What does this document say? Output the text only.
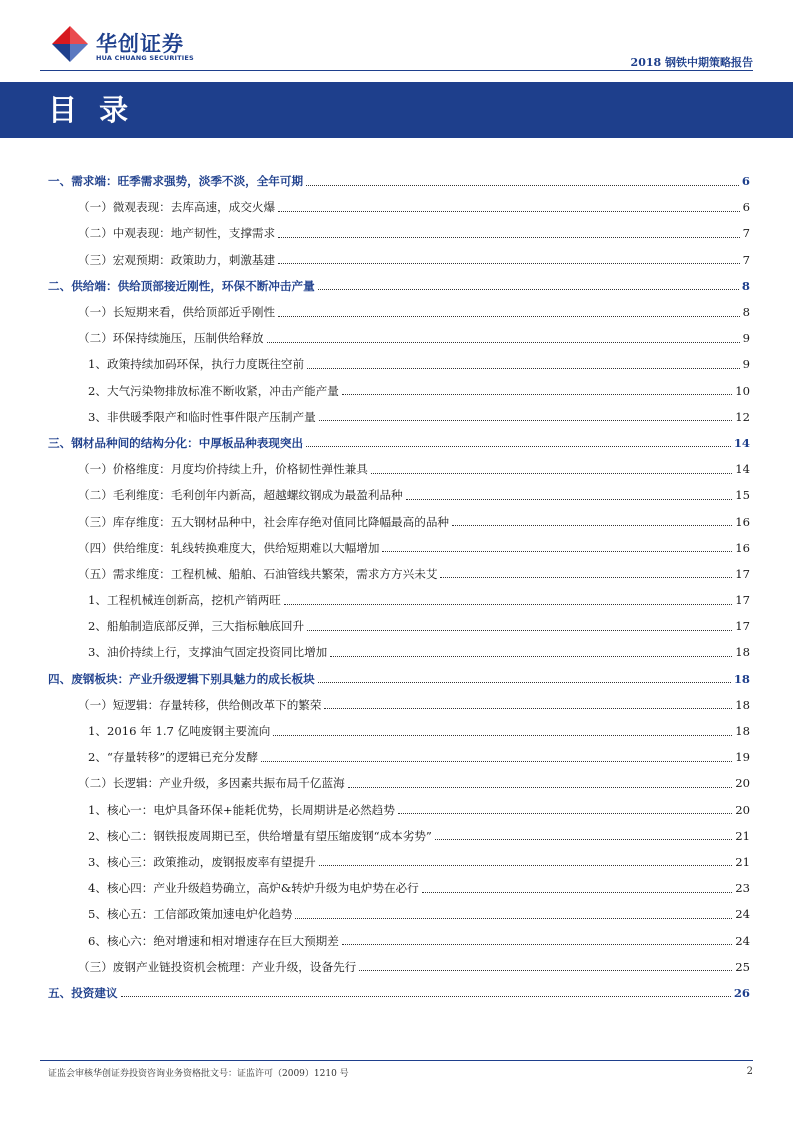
华创证券
HUA CHUANG SECURITIES	2018 钢铁中期策略报告
目 录
一、需求端：旺季需求强势，淡季不淡，全年可期	6
（一）微观表现：去库高速，成交火爆	6
（二）中观表现：地产韧性，支撑需求	7
（三）宏观预期：政策助力，刺激基建	7
二、供给端：供给顶部接近刚性，环保不断冲击产量	8
（一）长短期来看，供给顶部近乎刚性	8
（二）环保持续施压，压制供给释放	9
1、政策持续加码环保，执行力度既往空前	9
2、大气污染物排放标准不断收紧，冲击产能产量	10
3、非供暖季限产和临时性事件限产压制产量	12
三、钢材品种间的结构分化：中厚板品种表现突出	14
（一）价格维度：月度均价持续上升，价格韧性弹性兼具	14
（二）毛利维度：毛利创年内新高，超越螺纹钢成为最盈利品种	15
（三）库存维度：五大钢材品种中，社会库存绝对值同比降幅最高的品种	16
（四）供给维度：轧线转换难度大，供给短期难以大幅增加	16
（五）需求维度：工程机械、船舶、石油管线共繁荣，需求方方兴未艾	17
1、工程机械连创新高，挖机产销两旺	17
2、船舶制造底部反弹，三大指标触底回升	17
3、油价持续上行，支撑油气固定投资同比增加	18
四、废钢板块：产业升级逻辑下别具魅力的成长板块	18
（一）短逻辑：存量转移，供给侧改革下的繁荣	18
1、2016 年 1.7 亿吨废钢主要流向	18
2、“存量转移”的逻辑已充分发酵	19
（二）长逻辑：产业升级，多因素共振布局千亿蓝海	20
1、核心一：电炉具备环保+能耗优势，长周期讲是必然趋势	20
2、核心二：钢铁报废周期已至，供给增量有望压缩废钢“成本劣势”	21
3、核心三：政策推动，废钢报废率有望提升	21
4、核心四：产业升级趋势确立，高炉&转炉升级为电炉势在必行	23
5、核心五：工信部政策加速电炉化趋势	24
6、核心六：绝对增速和相对增速存在巨大预期差	24
（三）废钢产业链投资机会梳理：产业升级，设备先行	25
五、投资建议	26
证监会审核华创证券投资咨询业务资格批文号：证监许可（2009）1210 号	2
